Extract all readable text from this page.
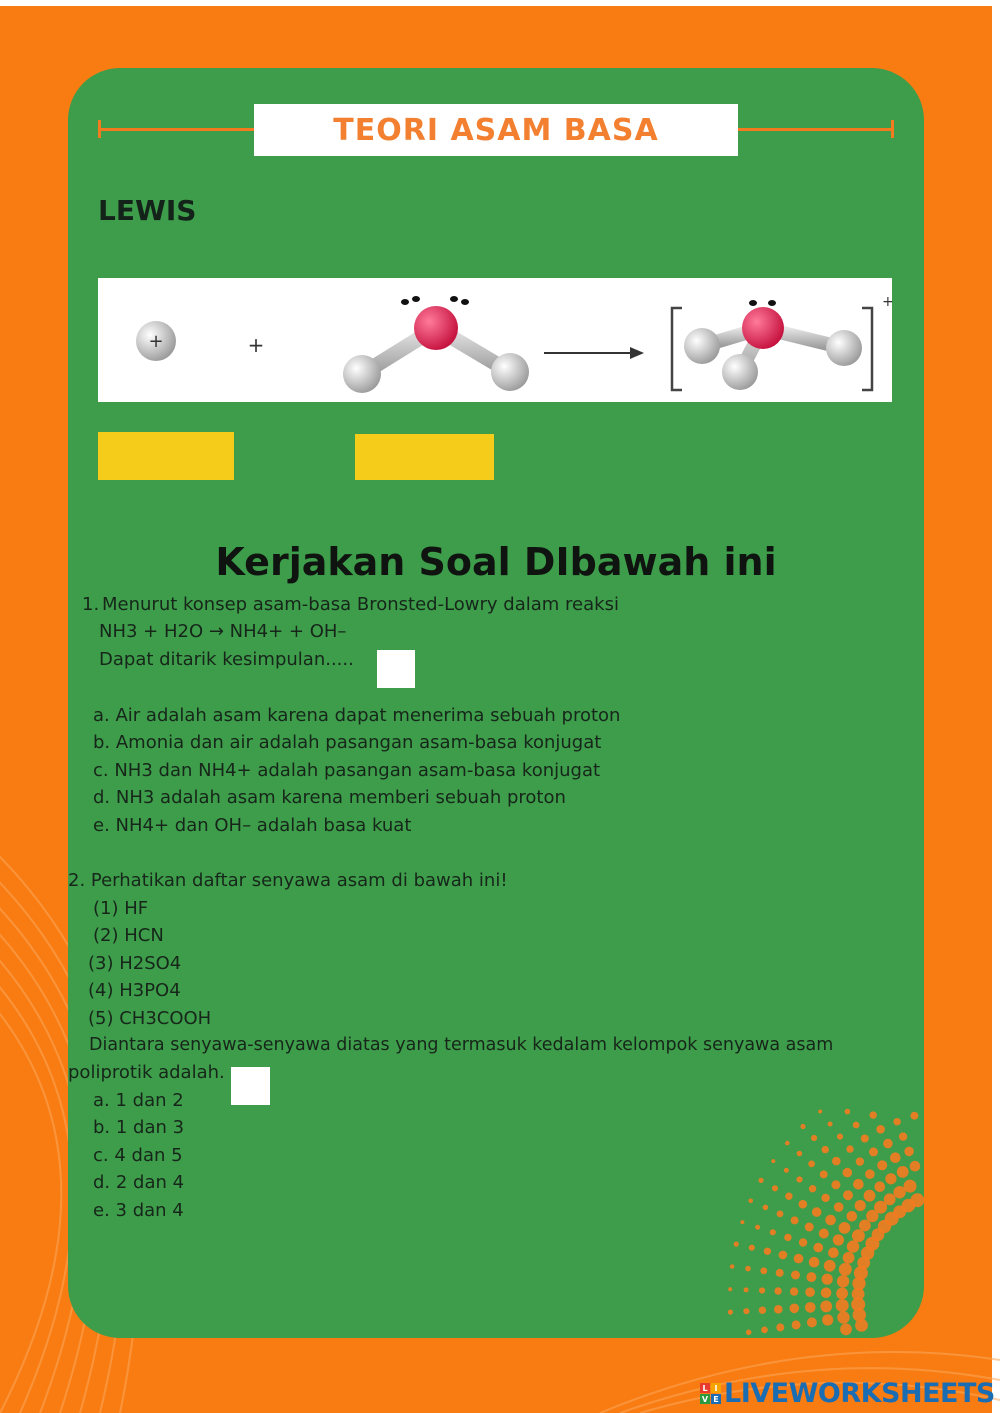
TEORI ASAM BASA
LEWIS
+	+
+
Kerjakan Soal DIbawah ini
1. Menurut konsep asam-basa Bronsted-Lowry dalam reaksi
NH3 + H2O → NH4+ + OH–
Dapat ditarik kesimpulan.....
a. Air adalah asam karena dapat menerima sebuah proton
b. Amonia dan air adalah pasangan asam-basa konjugat
c. NH3 dan NH4+ adalah pasangan asam-basa konjugat
d. NH3 adalah asam karena memberi sebuah proton
e. NH4+ dan OH– adalah basa kuat
2. Perhatikan daftar senyawa asam di bawah ini!
(1) HF
(2) HCN
(3) H2SO4
(4) H3PO4
(5) CH3COOH
Diantara senyawa-senyawa diatas yang termasuk kedalam kelompok senyawa asam
poliprotik adalah.
a. 1 dan 2
b. 1 dan 3
c. 4 dan 5
d. 2 dan 4
e. 3 dan 4
L I
V E LIVEWORKSHEETS
